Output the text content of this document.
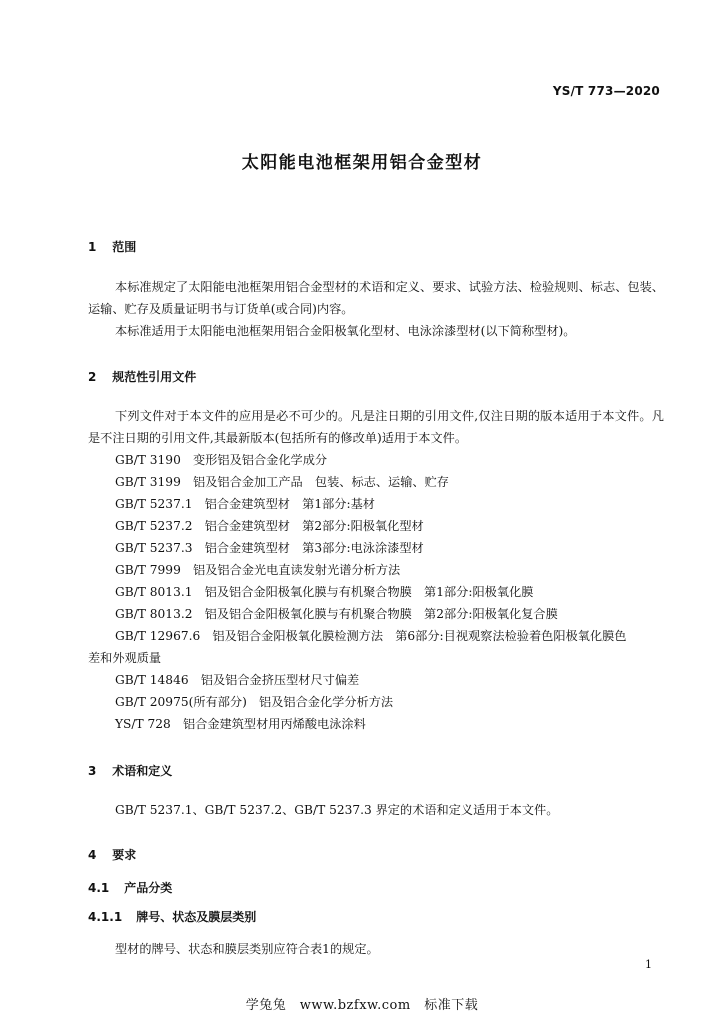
YS/T 773—2020
太阳能电池框架用铝合金型材
1 范围
本标准规定了太阳能电池框架用铝合金型材的术语和定义、要求、试验方法、检验规则、标志、包装、运输、贮存及质量证明书与订货单(或合同)内容。
本标准适用于太阳能电池框架用铝合金阳极氧化型材、电泳涂漆型材(以下简称型材)。
2 规范性引用文件
下列文件对于本文件的应用是必不可少的。凡是注日期的引用文件,仅注日期的版本适用于本文件。凡是不注日期的引用文件,其最新版本(包括所有的修改单)适用于本文件。
GB/T 3190　 变形铝及铝合金化学成分
GB/T 3199　 铝及铝合金加工产品　包装、标志、运输、贮存
GB/T 5237.1　 铝合金建筑型材　第1部分:基材
GB/T 5237.2　 铝合金建筑型材　第2部分:阳极氧化型材
GB/T 5237.3　 铝合金建筑型材　第3部分:电泳涂漆型材
GB/T 7999　 铝及铝合金光电直读发射光谱分析方法
GB/T 8013.1　 铝及铝合金阳极氧化膜与有机聚合物膜　第1部分:阳极氧化膜
GB/T 8013.2　 铝及铝合金阳极氧化膜与有机聚合物膜　第2部分:阳极氧化复合膜
GB/T 12967.6　 铝及铝合金阳极氧化膜检测方法　第6部分:目视观察法检验着色阳极氧化膜色
差和外观质量
GB/T 14846　 铝及铝合金挤压型材尺寸偏差
GB/T 20975(所有部分)　 铝及铝合金化学分析方法
YS/T 728　 铝合金建筑型材用丙烯酸电泳涂料
3 术语和定义
GB/T 5237.1、GB/T 5237.2、GB/T 5237.3 界定的术语和定义适用于本文件。
4 要求
4.1 产品分类
4.1.1 牌号、状态及膜层类别
型材的牌号、状态和膜层类别应符合表1的规定。
1
学兔兔　www.bzfxw.com　标准下载
